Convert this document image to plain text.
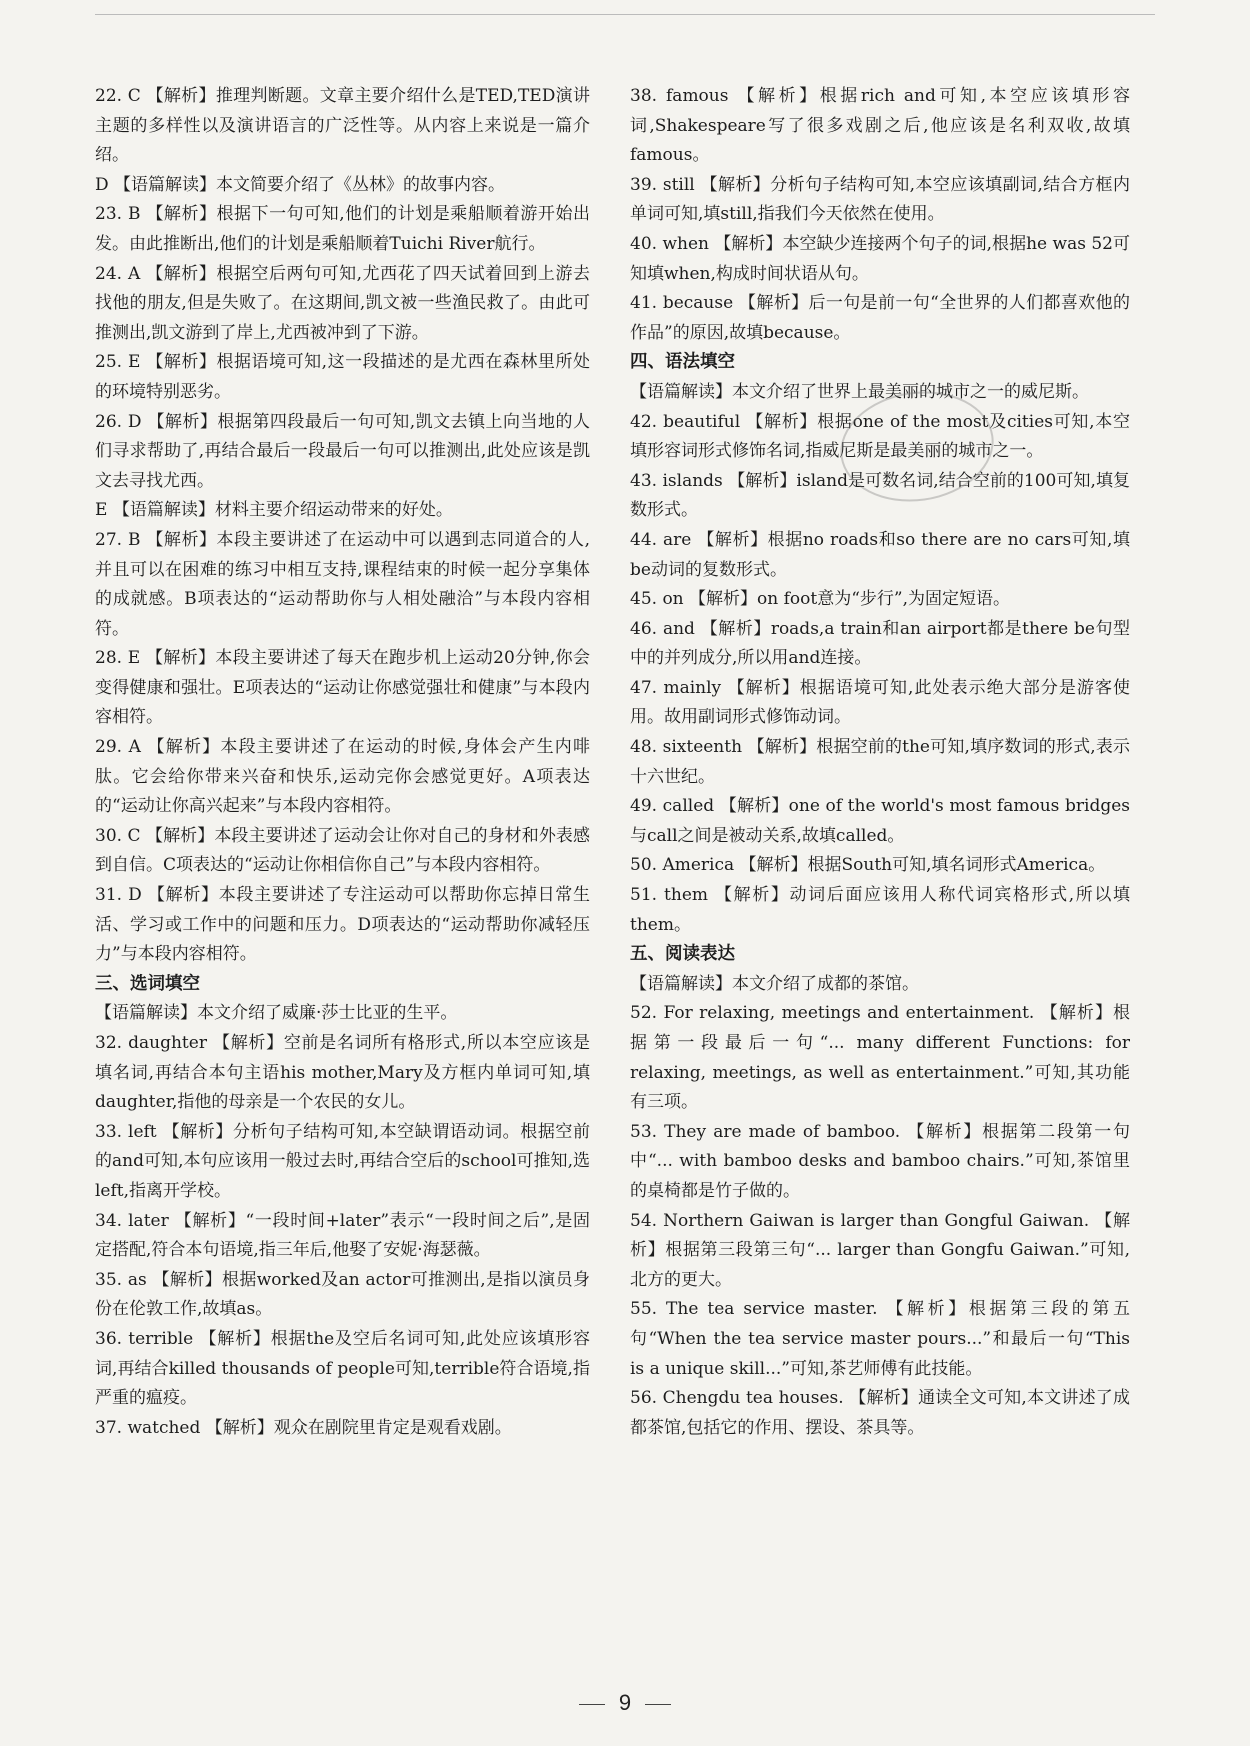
22. C 【解析】推理判断题。文章主要介绍什么是TED,TED演讲主题的多样性以及演讲语言的广泛性等。从内容上来说是一篇介绍。
D 【语篇解读】本文简要介绍了《丛林》的故事内容。
23. B 【解析】根据下一句可知,他们的计划是乘船顺着游开始出发。由此推断出,他们的计划是乘船顺着Tuichi River航行。
24. A 【解析】根据空后两句可知,尤西花了四天试着回到上游去找他的朋友,但是失败了。在这期间,凯文被一些渔民救了。由此可推测出,凯文游到了岸上,尤西被冲到了下游。
25. E 【解析】根据语境可知,这一段描述的是尤西在森林里所处的环境特别恶劣。
26. D 【解析】根据第四段最后一句可知,凯文去镇上向当地的人们寻求帮助了,再结合最后一段最后一句可以推测出,此处应该是凯文去寻找尤西。
E 【语篇解读】材料主要介绍运动带来的好处。
27. B 【解析】本段主要讲述了在运动中可以遇到志同道合的人,并且可以在困难的练习中相互支持,课程结束的时候一起分享集体的成就感。B项表达的“运动帮助你与人相处融洽”与本段内容相符。
28. E 【解析】本段主要讲述了每天在跑步机上运动20分钟,你会变得健康和强壮。E项表达的“运动让你感觉强壮和健康”与本段内容相符。
29. A 【解析】本段主要讲述了在运动的时候,身体会产生内啡肽。它会给你带来兴奋和快乐,运动完你会感觉更好。A项表达的“运动让你高兴起来”与本段内容相符。
30. C 【解析】本段主要讲述了运动会让你对自己的身材和外表感到自信。C项表达的“运动让你相信你自己”与本段内容相符。
31. D 【解析】本段主要讲述了专注运动可以帮助你忘掉日常生活、学习或工作中的问题和压力。D项表达的“运动帮助你减轻压力”与本段内容相符。
三、选词填空
【语篇解读】本文介绍了威廉·莎士比亚的生平。
32. daughter 【解析】空前是名词所有格形式,所以本空应该是填名词,再结合本句主语his mother,Mary及方框内单词可知,填daughter,指他的母亲是一个农民的女儿。
33. left 【解析】分析句子结构可知,本空缺谓语动词。根据空前的and可知,本句应该用一般过去时,再结合空后的school可推知,选left,指离开学校。
34. later 【解析】“一段时间+later”表示“一段时间之后”,是固定搭配,符合本句语境,指三年后,他娶了安妮·海瑟薇。
35. as 【解析】根据worked及an actor可推测出,是指以演员身份在伦敦工作,故填as。
36. terrible 【解析】根据the及空后名词可知,此处应该填形容词,再结合killed thousands of people可知,terrible符合语境,指严重的瘟疫。
37. watched 【解析】观众在剧院里肯定是观看戏剧。
38. famous 【解析】根据rich and可知,本空应该填形容词,Shakespeare写了很多戏剧之后,他应该是名利双收,故填famous。
39. still 【解析】分析句子结构可知,本空应该填副词,结合方框内单词可知,填still,指我们今天依然在使用。
40. when 【解析】本空缺少连接两个句子的词,根据he was 52可知填when,构成时间状语从句。
41. because 【解析】后一句是前一句“全世界的人们都喜欢他的作品”的原因,故填because。
四、语法填空
【语篇解读】本文介绍了世界上最美丽的城市之一的威尼斯。
42. beautiful 【解析】根据one of the most及cities可知,本空填形容词形式修饰名词,指威尼斯是最美丽的城市之一。
43. islands 【解析】island是可数名词,结合空前的100可知,填复数形式。
44. are 【解析】根据no roads和so there are no cars可知,填be动词的复数形式。
45. on 【解析】on foot意为“步行”,为固定短语。
46. and 【解析】roads,a train和an airport都是there be句型中的并列成分,所以用and连接。
47. mainly 【解析】根据语境可知,此处表示绝大部分是游客使用。故用副词形式修饰动词。
48. sixteenth 【解析】根据空前的the可知,填序数词的形式,表示十六世纪。
49. called 【解析】one of the world's most famous bridges与call之间是被动关系,故填called。
50. America 【解析】根据South可知,填名词形式America。
51. them 【解析】动词后面应该用人称代词宾格形式,所以填them。
五、阅读表达
【语篇解读】本文介绍了成都的茶馆。
52. For relaxing, meetings and entertainment. 【解析】根据第一段最后一句“... many different Functions: for relaxing, meetings, as well as entertainment.”可知,其功能有三项。
53. They are made of bamboo. 【解析】根据第二段第一句中“... with bamboo desks and bamboo chairs.”可知,茶馆里的桌椅都是竹子做的。
54. Northern Gaiwan is larger than Gongful Gaiwan. 【解析】根据第三段第三句“... larger than Gongfu Gaiwan.”可知,北方的更大。
55. The tea service master. 【解析】根据第三段的第五句“When the tea service master pours...”和最后一句“This is a unique skill...”可知,茶艺师傅有此技能。
56. Chengdu tea houses. 【解析】通读全文可知,本文讲述了成都茶馆,包括它的作用、摆设、茶具等。
9
